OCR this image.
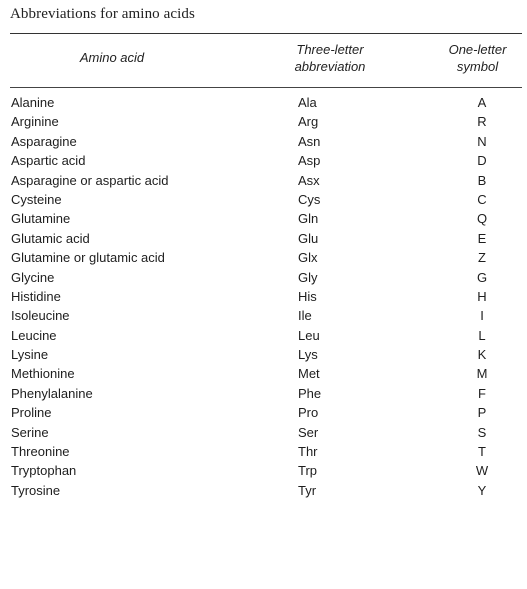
Abbreviations for amino acids
Amino acid
Three-letter
abbreviation
One-letter
symbol
Alanine	Ala	A
Arginine	Arg	R
Asparagine	Asn	N
Aspartic acid	Asp	D
Asparagine or aspartic acid	Asx	B
Cysteine	Cys	C
Glutamine	Gln	Q
Glutamic acid	Glu	E
Glutamine or glutamic acid	Glx	Z
Glycine	Gly	G
Histidine	His	H
Isoleucine	Ile	I
Leucine	Leu	L
Lysine	Lys	K
Methionine	Met	M
Phenylalanine	Phe	F
Proline	Pro	P
Serine	Ser	S
Threonine	Thr	T
Tryptophan	Trp	W
Tyrosine	Tyr	Y
